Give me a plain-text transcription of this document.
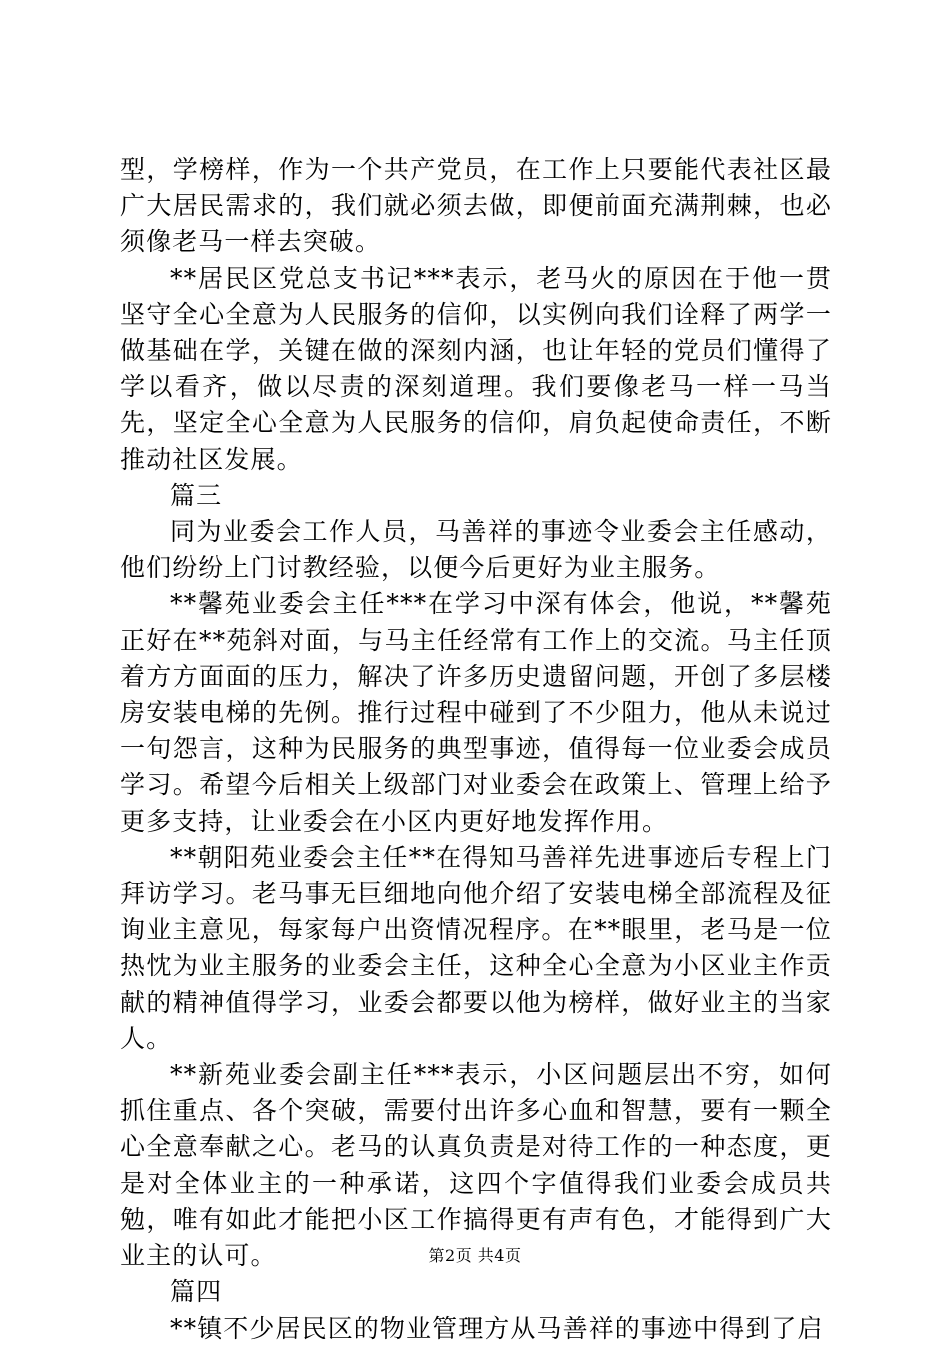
型，学榜样，作为一个共产党员，在工作上只要能代表社区最广大居民需求的，我们就必须去做，即便前面充满荆棘，也必须像老马一样去突破。

**居民区党总支书记***表示，老马火的原因在于他一贯坚守全心全意为人民服务的信仰，以实例向我们诠释了两学一做基础在学，关键在做的深刻内涵，也让年轻的党员们懂得了学以看齐，做以尽责的深刻道理。我们要像老马一样一马当先，坚定全心全意为人民服务的信仰，肩负起使命责任，不断推动社区发展。

篇三

同为业委会工作人员，马善祥的事迹令业委会主任感动，他们纷纷上门讨教经验，以便今后更好为业主服务。

**馨苑业委会主任***在学习中深有体会，他说，**馨苑正好在**苑斜对面，与马主任经常有工作上的交流。马主任顶着方方面面的压力，解决了许多历史遗留问题，开创了多层楼房安装电梯的先例。推行过程中碰到了不少阻力，他从未说过一句怨言，这种为民服务的典型事迹，值得每一位业委会成员学习。希望今后相关上级部门对业委会在政策上、管理上给予更多支持，让业委会在小区内更好地发挥作用。

**朝阳苑业委会主任**在得知马善祥先进事迹后专程上门拜访学习。老马事无巨细地向他介绍了安装电梯全部流程及征询业主意见，每家每户出资情况程序。在**眼里，老马是一位热忱为业主服务的业委会主任，这种全心全意为小区业主作贡献的精神值得学习，业委会都要以他为榜样，做好业主的当家人。

**新苑业委会副主任***表示，小区问题层出不穷，如何抓住重点、各个突破，需要付出许多心血和智慧，要有一颗全心全意奉献之心。老马的认真负责是对待工作的一种态度，更是对全体业主的一种承诺，这四个字值得我们业委会成员共勉，唯有如此才能把小区工作搞得更有声有色，才能得到广大业主的认可。

篇四

**镇不少居民区的物业管理方从马善祥的事迹中得到了启

第2页 共4页
